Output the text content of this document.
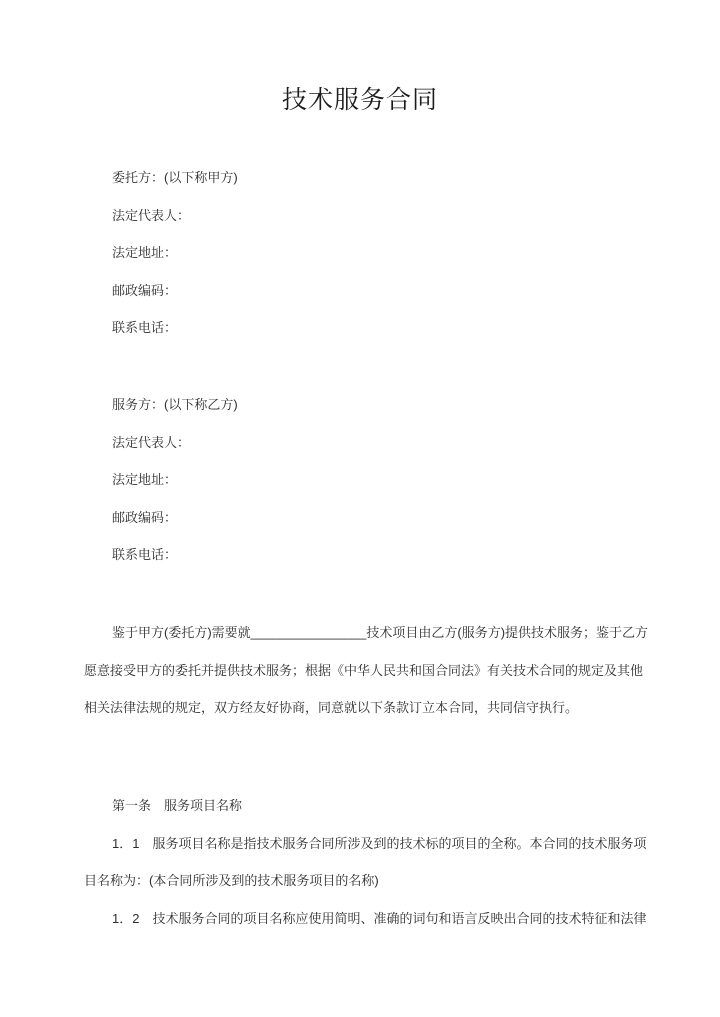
技术服务合同
委托方：(以下称甲方)
法定代表人：
法定地址：
邮政编码：
联系电话：
服务方：(以下称乙方)
法定代表人：
法定地址：
邮政编码：
联系电话：
鉴于甲方(委托方)需要就________________技术项目由乙方(服务方)提供技术服务；鉴于乙方
愿意接受甲方的委托并提供技术服务；根据《中华人民共和国合同法》有关技术合同的规定及其他
相关法律法规的规定，双方经友好协商，同意就以下条款订立本合同，共同信守执行。
第一条　服务项目名称
1．1　服务项目名称是指技术服务合同所涉及到的技术标的项目的全称。本合同的技术服务项
目名称为：(本合同所涉及到的技术服务项目的名称)
1．2　技术服务合同的项目名称应使用简明、准确的词句和语言反映出合同的技术特征和法律
